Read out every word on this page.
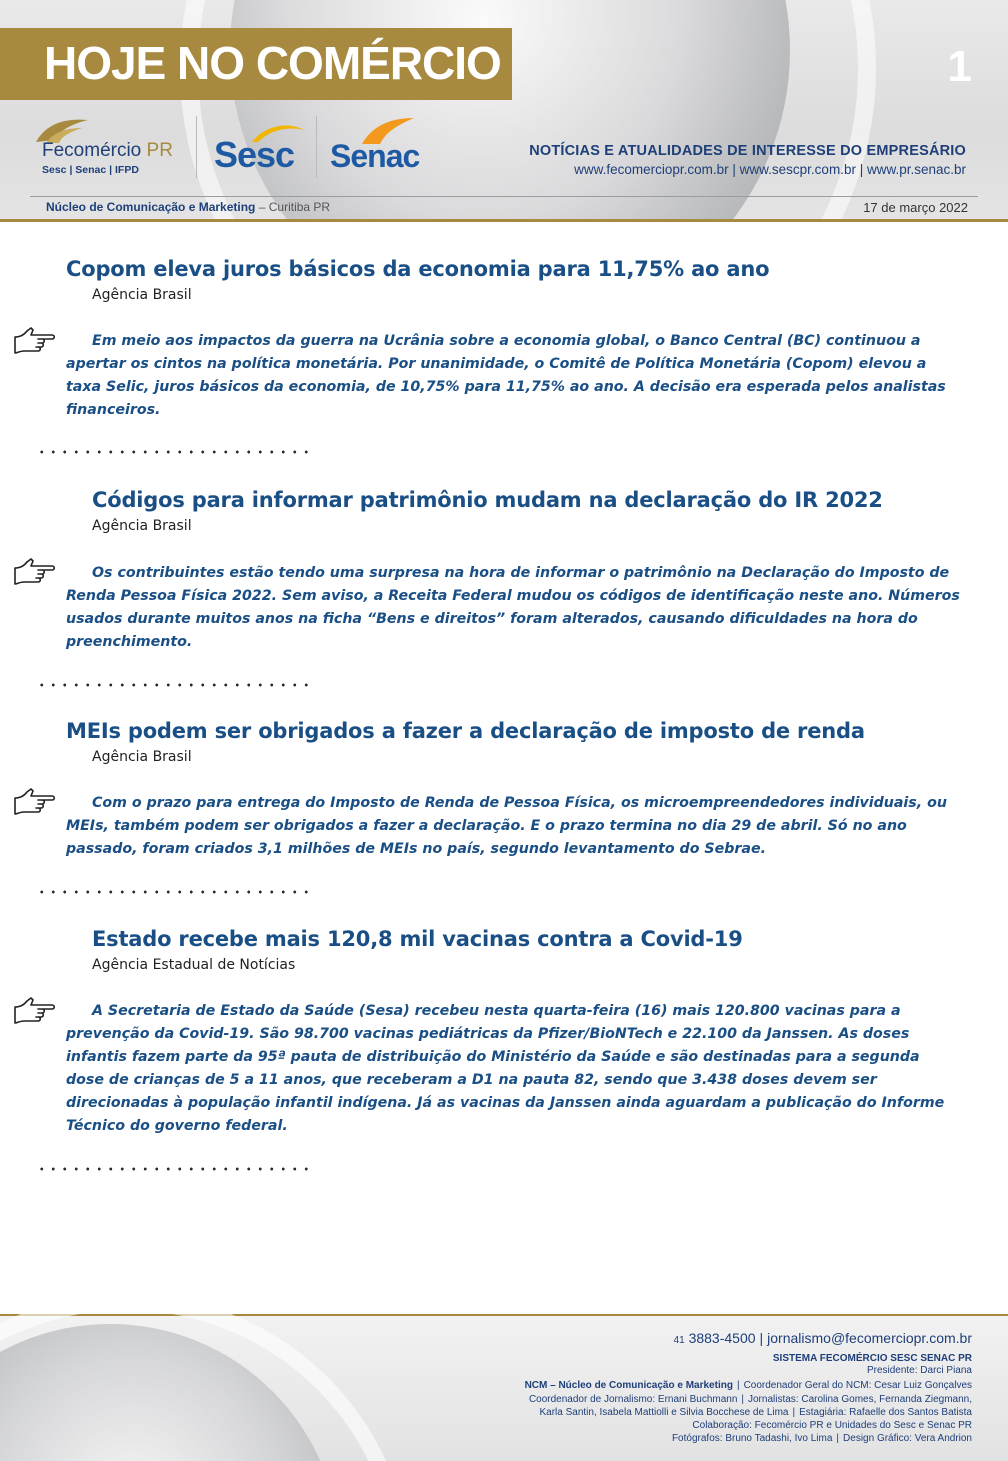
HOJE NO COMÉRCIO	1
Fecomércio PR
Sesc | Senac | IFPD Sesc Senac	NOTÍCIAS E ATUALIDADES DE INTERESSE DO EMPRESÁRIO
www.fecomerciopr.com.br | www.sescpr.com.br | www.pr.senac.br
Núcleo de Comunicação e Marketing – Curitiba PR	17 de março 2022
Copom eleva juros básicos da economia para 11,75% ao ano
Agência Brasil

Em meio aos impactos da guerra na Ucrânia sobre a economia global, o Banco Central (BC) continuou a apertar os cintos na política monetária. Por unanimidade, o Comitê de Política Monetária (Copom) elevou a taxa Selic, juros básicos da economia, de 10,75% para 11,75% ao ano. A decisão era esperada pelos analistas financeiros.

Códigos para informar patrimônio mudam na declaração do IR 2022
Agência Brasil

Os contribuintes estão tendo uma surpresa na hora de informar o patrimônio na Declaração do Imposto de Renda Pessoa Física 2022. Sem aviso, a Receita Federal mudou os códigos de identificação neste ano. Números usados durante muitos anos na ficha “Bens e direitos” foram alterados, causando dificuldades na hora do preenchimento.

MEIs podem ser obrigados a fazer a declaração de imposto de renda
Agência Brasil

Com o prazo para entrega do Imposto de Renda de Pessoa Física, os microempreendedores individuais, ou MEIs, também podem ser obrigados a fazer a declaração. E o prazo termina no dia 29 de abril. Só no ano passado, foram criados 3,1 milhões de MEIs no país, segundo levantamento do Sebrae.

Estado recebe mais 120,8 mil vacinas contra a Covid-19
Agência Estadual de Notícias

A Secretaria de Estado da Saúde (Sesa) recebeu nesta quarta-feira (16) mais 120.800 vacinas para a prevenção da Covid-19. São 98.700 vacinas pediátricas da Pfizer/BioNTech e 22.100 da Janssen. As doses infantis fazem parte da 95ª pauta de distribuição do Ministério da Saúde e são destinadas para a segunda dose de crianças de 5 a 11 anos, que receberam a D1 na pauta 82, sendo que 3.438 doses devem ser direcionadas à população infantil indígena. Já as vacinas da Janssen ainda aguardam a publicação do Informe Técnico do governo federal.

41 3883-4500 | jornalismo@fecomerciopr.com.br
SISTEMA FECOMÉRCIO SESC SENAC PR
Presidente: Darci Piana
NCM – Núcleo de Comunicação e Marketing | Coordenador Geral do NCM: Cesar Luiz Gonçalves
Coordenador de Jornalismo: Ernani Buchmann | Jornalistas: Carolina Gomes, Fernanda Ziegmann,
Karla Santin, Isabela Mattiolli e Silvia Bocchese de Lima | Estagiária: Rafaelle dos Santos Batista
Colaboração: Fecomércio PR e Unidades do Sesc e Senac PR
Fotógrafos: Bruno Tadashi, Ivo Lima | Design Gráfico: Vera Andrion
